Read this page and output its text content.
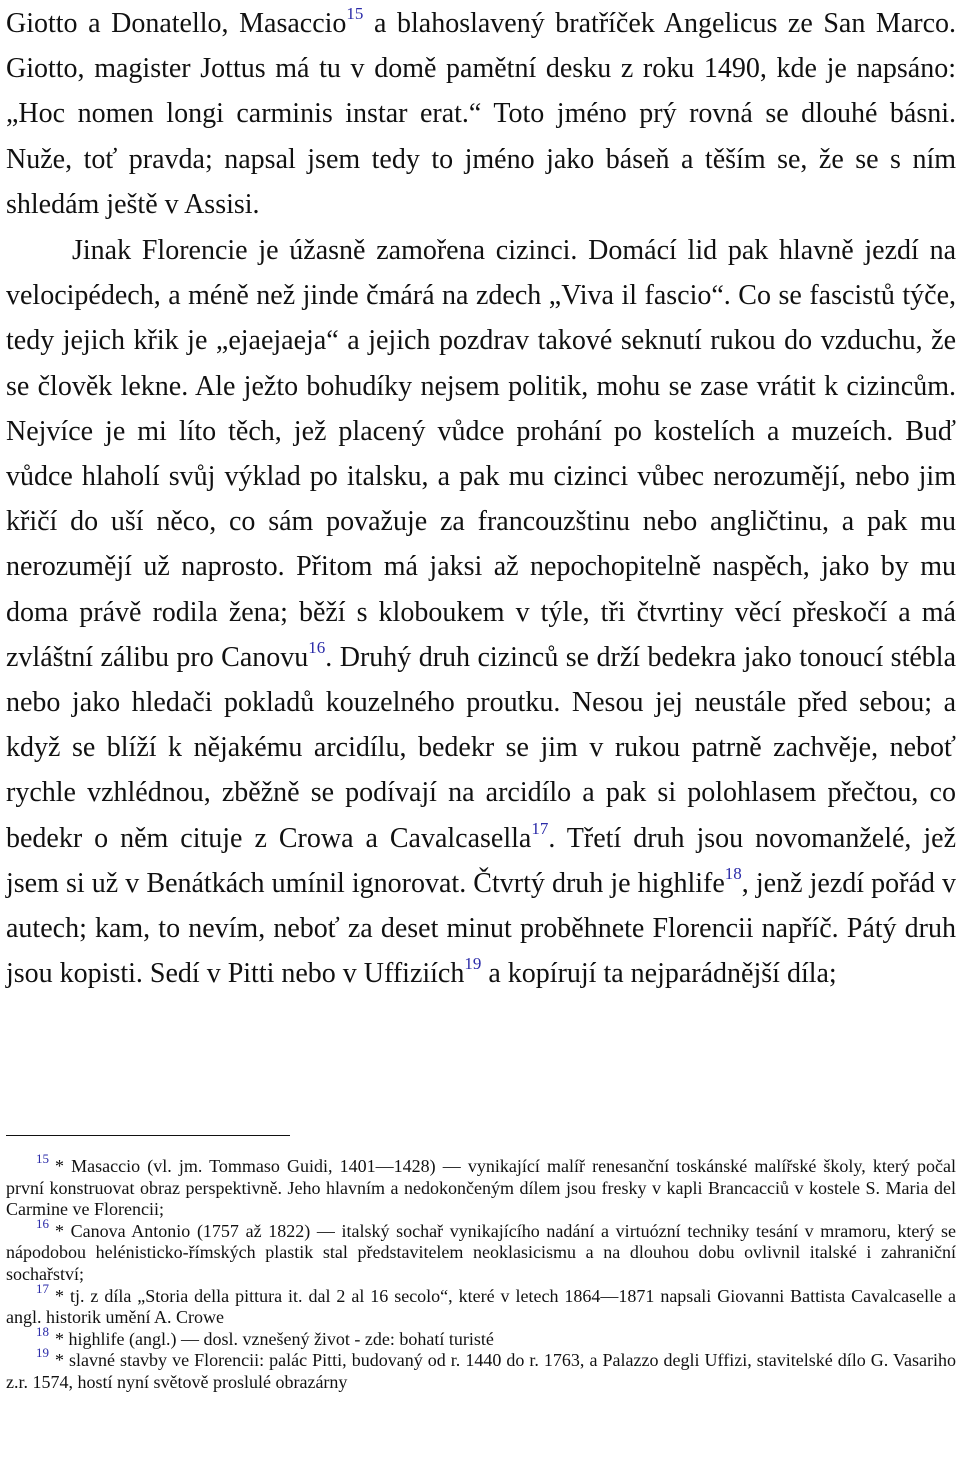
Giotto a Donatello, Masaccio$^{15}$ a blahoslavený bratříček Angelicus ze San Marco. Giotto, magister Jottus má tu v domě pamětní desku z roku 1490, kde je napsáno: „Hoc nomen longi carminis instar erat.“ Toto jméno prý rovná se dlouhé básni. Nuže, toť pravda; napsal jsem tedy to jméno jako báseň a těším se, že se s ním shledám ještě v Assisi.

Jinak Florencie je úžasně zamořena cizinci. Domácí lid pak hlavně jezdí na velocipédech, a méně než jinde čmárá na zdech „Viva il fascio“. Co se fascistů týče, tedy jejich křik je „ejaejaeja“ a jejich pozdrav takové seknutí rukou do vzduchu, že se člověk lekne. Ale ježto bohudíky nejsem politik, mohu se zase vrátit k cizincům. Nejvíce je mi líto těch, jež placený vůdce prohání po kostelích a muzeích. Buď vůdce hlaholí svůj výklad po italsku, a pak mu cizinci vůbec nerozumějí, nebo jim křičí do uší něco, co sám považuje za francouzštinu nebo angličtinu, a pak mu nerozumějí už naprosto. Přitom má jaksi až nepochopitelně naspěch, jako by mu doma právě rodila žena; běží s kloboukem v týle, tři čtvrtiny věcí přeskočí a má zvláštní zálibu pro Canovu$^{16}$. Druhý druh cizinců se drží bedekra jako tonoucí stébla nebo jako hledači pokladů kouzelného proutku. Nesou jej neustále před sebou; a když se blíží k nějakému arcidílu, bedekr se jim v rukou patrně zachvěje, neboť rychle vzhlédnou, zběžně se podívají na arcidílo a pak si polohlasem přečtou, co bedekr o něm cituje z Crowa a Cavalcasella$^{17}$. Třetí druh jsou novomanželé, jež jsem si už v Benátkách umínil ignorovat. Čtvrtý druh je highlife$^{18}$, jenž jezdí pořád v autech; kam, to nevím, neboť za deset minut proběhnete Florencii napříč. Pátý druh jsou kopisti. Sedí v Pitti nebo v Uffiziích$^{19}$ a kopírují ta nejparádnější díla;

$^{15}$ * Masaccio (vl. jm. Tommaso Guidi, 1401—1428) — vynikající malíř renesanční toskánské malířské školy, který počal první konstruovat obraz perspektivně. Jeho hlavním a nedokončeným dílem jsou fresky v kapli Brancacciů v kostele S. Maria del Carmine ve Florencii;

$^{16}$ * Canova Antonio (1757 až 1822) — italský sochař vynikajícího nadání a virtuózní techniky tesání v mramoru, který se nápodobou helénisticko-římských plastik stal představitelem neoklasicismu a na dlouhou dobu ovlivnil italské i zahraniční sochařství;

$^{17}$ * tj. z díla „Storia della pittura it. dal 2 al 16 secolo“, které v letech 1864—1871 napsali Giovanni Battista Cavalcaselle a angl. historik umění A. Crowe

$^{18}$ * highlife (angl.) — dosl. vznešený život - zde: bohatí turisté

$^{19}$ * slavné stavby ve Florencii: palác Pitti, budovaný od r. 1440 do r. 1763, a Palazzo degli Uffizi, stavitelské dílo G. Vasariho z.r. 1574, hostí nyní světově proslulé obrazárny
